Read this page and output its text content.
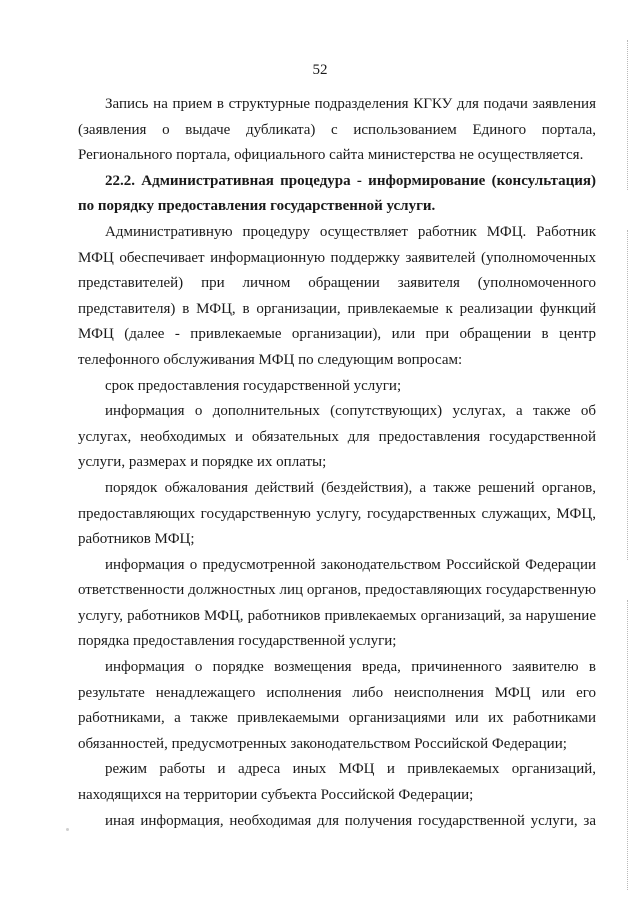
52

Запись на прием в структурные подразделения КГКУ для подачи заявления (заявления о выдаче дубликата) с использованием Единого портала, Регионального портала, официального сайта министерства не осуществляется.

22.2. Административная процедура - информирование (консультация) по порядку предоставления государственной услуги.

Административную процедуру осуществляет работник МФЦ. Работник МФЦ обеспечивает информационную поддержку заявителей (уполномоченных представителей) при личном обращении заявителя (уполномоченного представителя) в МФЦ, в организации, привлекаемые к реализации функций МФЦ (далее - привлекаемые организации), или при обращении в центр телефонного обслуживания МФЦ по следующим вопросам:

срок предоставления государственной услуги;

информация о дополнительных (сопутствующих) услугах, а также об услугах, необходимых и обязательных для предоставления государственной услуги, размерах и порядке их оплаты;

порядок обжалования действий (бездействия), а также решений органов, предоставляющих государственную услугу, государственных служащих, МФЦ, работников МФЦ;

информация о предусмотренной законодательством Российской Федерации ответственности должностных лиц органов, предоставляющих государственную услугу, работников МФЦ, работников привлекаемых организаций, за нарушение порядка предоставления государственной услуги;

информация о порядке возмещения вреда, причиненного заявителю в результате ненадлежащего исполнения либо неисполнения МФЦ или его работниками, а также привлекаемыми организациями или их работниками обязанностей, предусмотренных законодательством Российской Федерации;

режим работы и адреса иных МФЦ и привлекаемых организаций, находящихся на территории субъекта Российской Федерации;

иная информация, необходимая для получения государственной услуги, за
